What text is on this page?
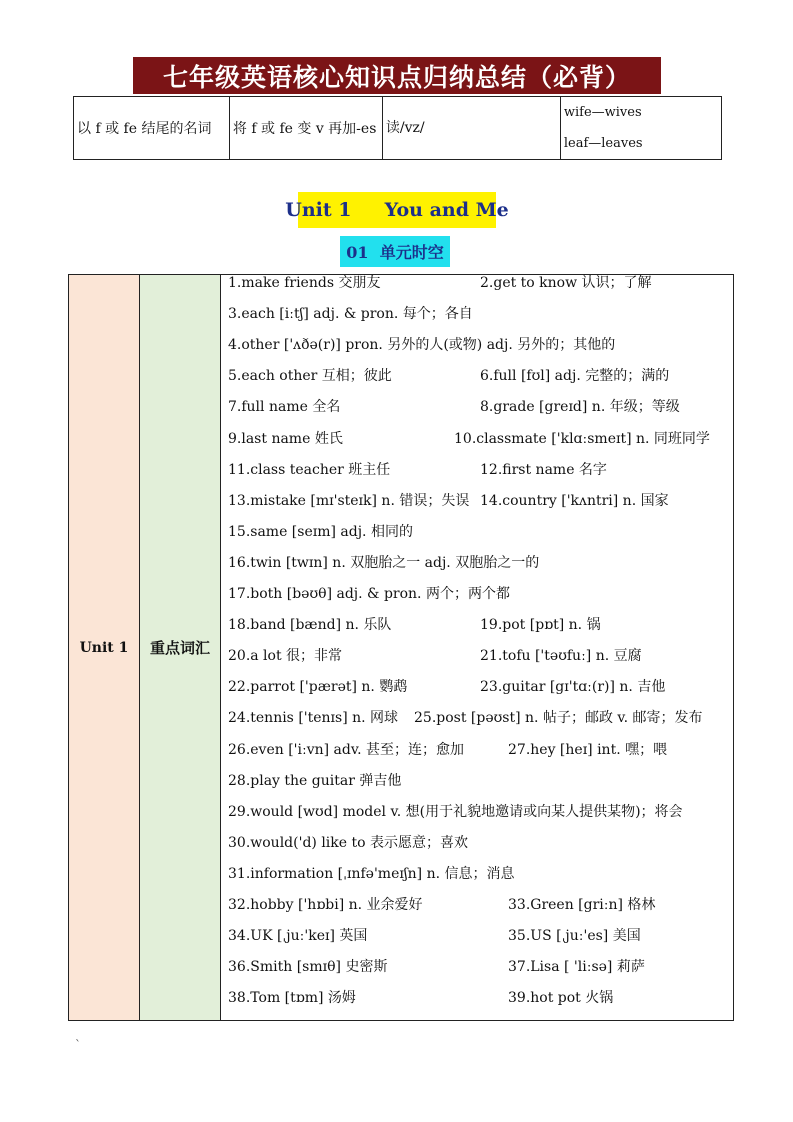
七年级英语核心知识点归纳总结（必背）
以 f 或 fe 结尾的名词	将 f 或 fe 变 v 再加-es	读/vz/	
wife—wives
leaf—leaves
Unit 1     You and Me
01  单元时空
Unit 1	重点词汇
1.make friends 交朋友	2.get to know 认识；了解
3.each [iːtʃ] adj. & pron. 每个；各自
4.other ['ʌðə(r)] pron. 另外的人(或物) adj. 另外的；其他的
5.each other 互相；彼此	6.full [fʊl] adj. 完整的；满的
7.full name 全名	8.grade [greɪd] n. 年级；等级
9.last name 姓氏	10.classmate ['klɑːsmeɪt] n. 同班同学
11.class teacher 班主任	12.first name 名字
13.mistake [mɪ'steɪk] n. 错误；失误 14.country ['kʌntri] n. 国家
15.same [seɪm] adj. 相同的
16.twin [twɪn] n. 双胞胎之一 adj. 双胞胎之一的
17.both [bəʊθ] adj. & pron. 两个；两个都
18.band [bænd] n. 乐队	19.pot [pɒt] n. 锅
20.a lot 很；非常	21.tofu ['təʊfuː] n. 豆腐
22.parrot ['pærət] n. 鹦鹉	23.guitar [gɪ'tɑː(r)] n. 吉他
24.tennis ['tenɪs] n. 网球 25.post [pəʊst] n. 帖子；邮政 v. 邮寄；发布
26.even ['iːvn] adv. 甚至；连；愈加	27.hey [heɪ] int. 嘿；喂
28.play the guitar 弹吉他
29.would [wʊd] model v. 想(用于礼貌地邀请或向某人提供某物)；将会
30.would('d) like to 表示愿意；喜欢
31.information [ˌɪnfə'meɪʃn] n. 信息；消息
32.hobby ['hɒbi] n. 业余爱好	33.Green [griːn] 格林
34.UK [ˌjuː'keɪ] 英国	35.US [ˌjuː'es] 美国
36.Smith [smɪθ] 史密斯	37.Lisa [ 'liːsə] 莉萨
38.Tom [tɒm] 汤姆	39.hot pot 火锅
`
